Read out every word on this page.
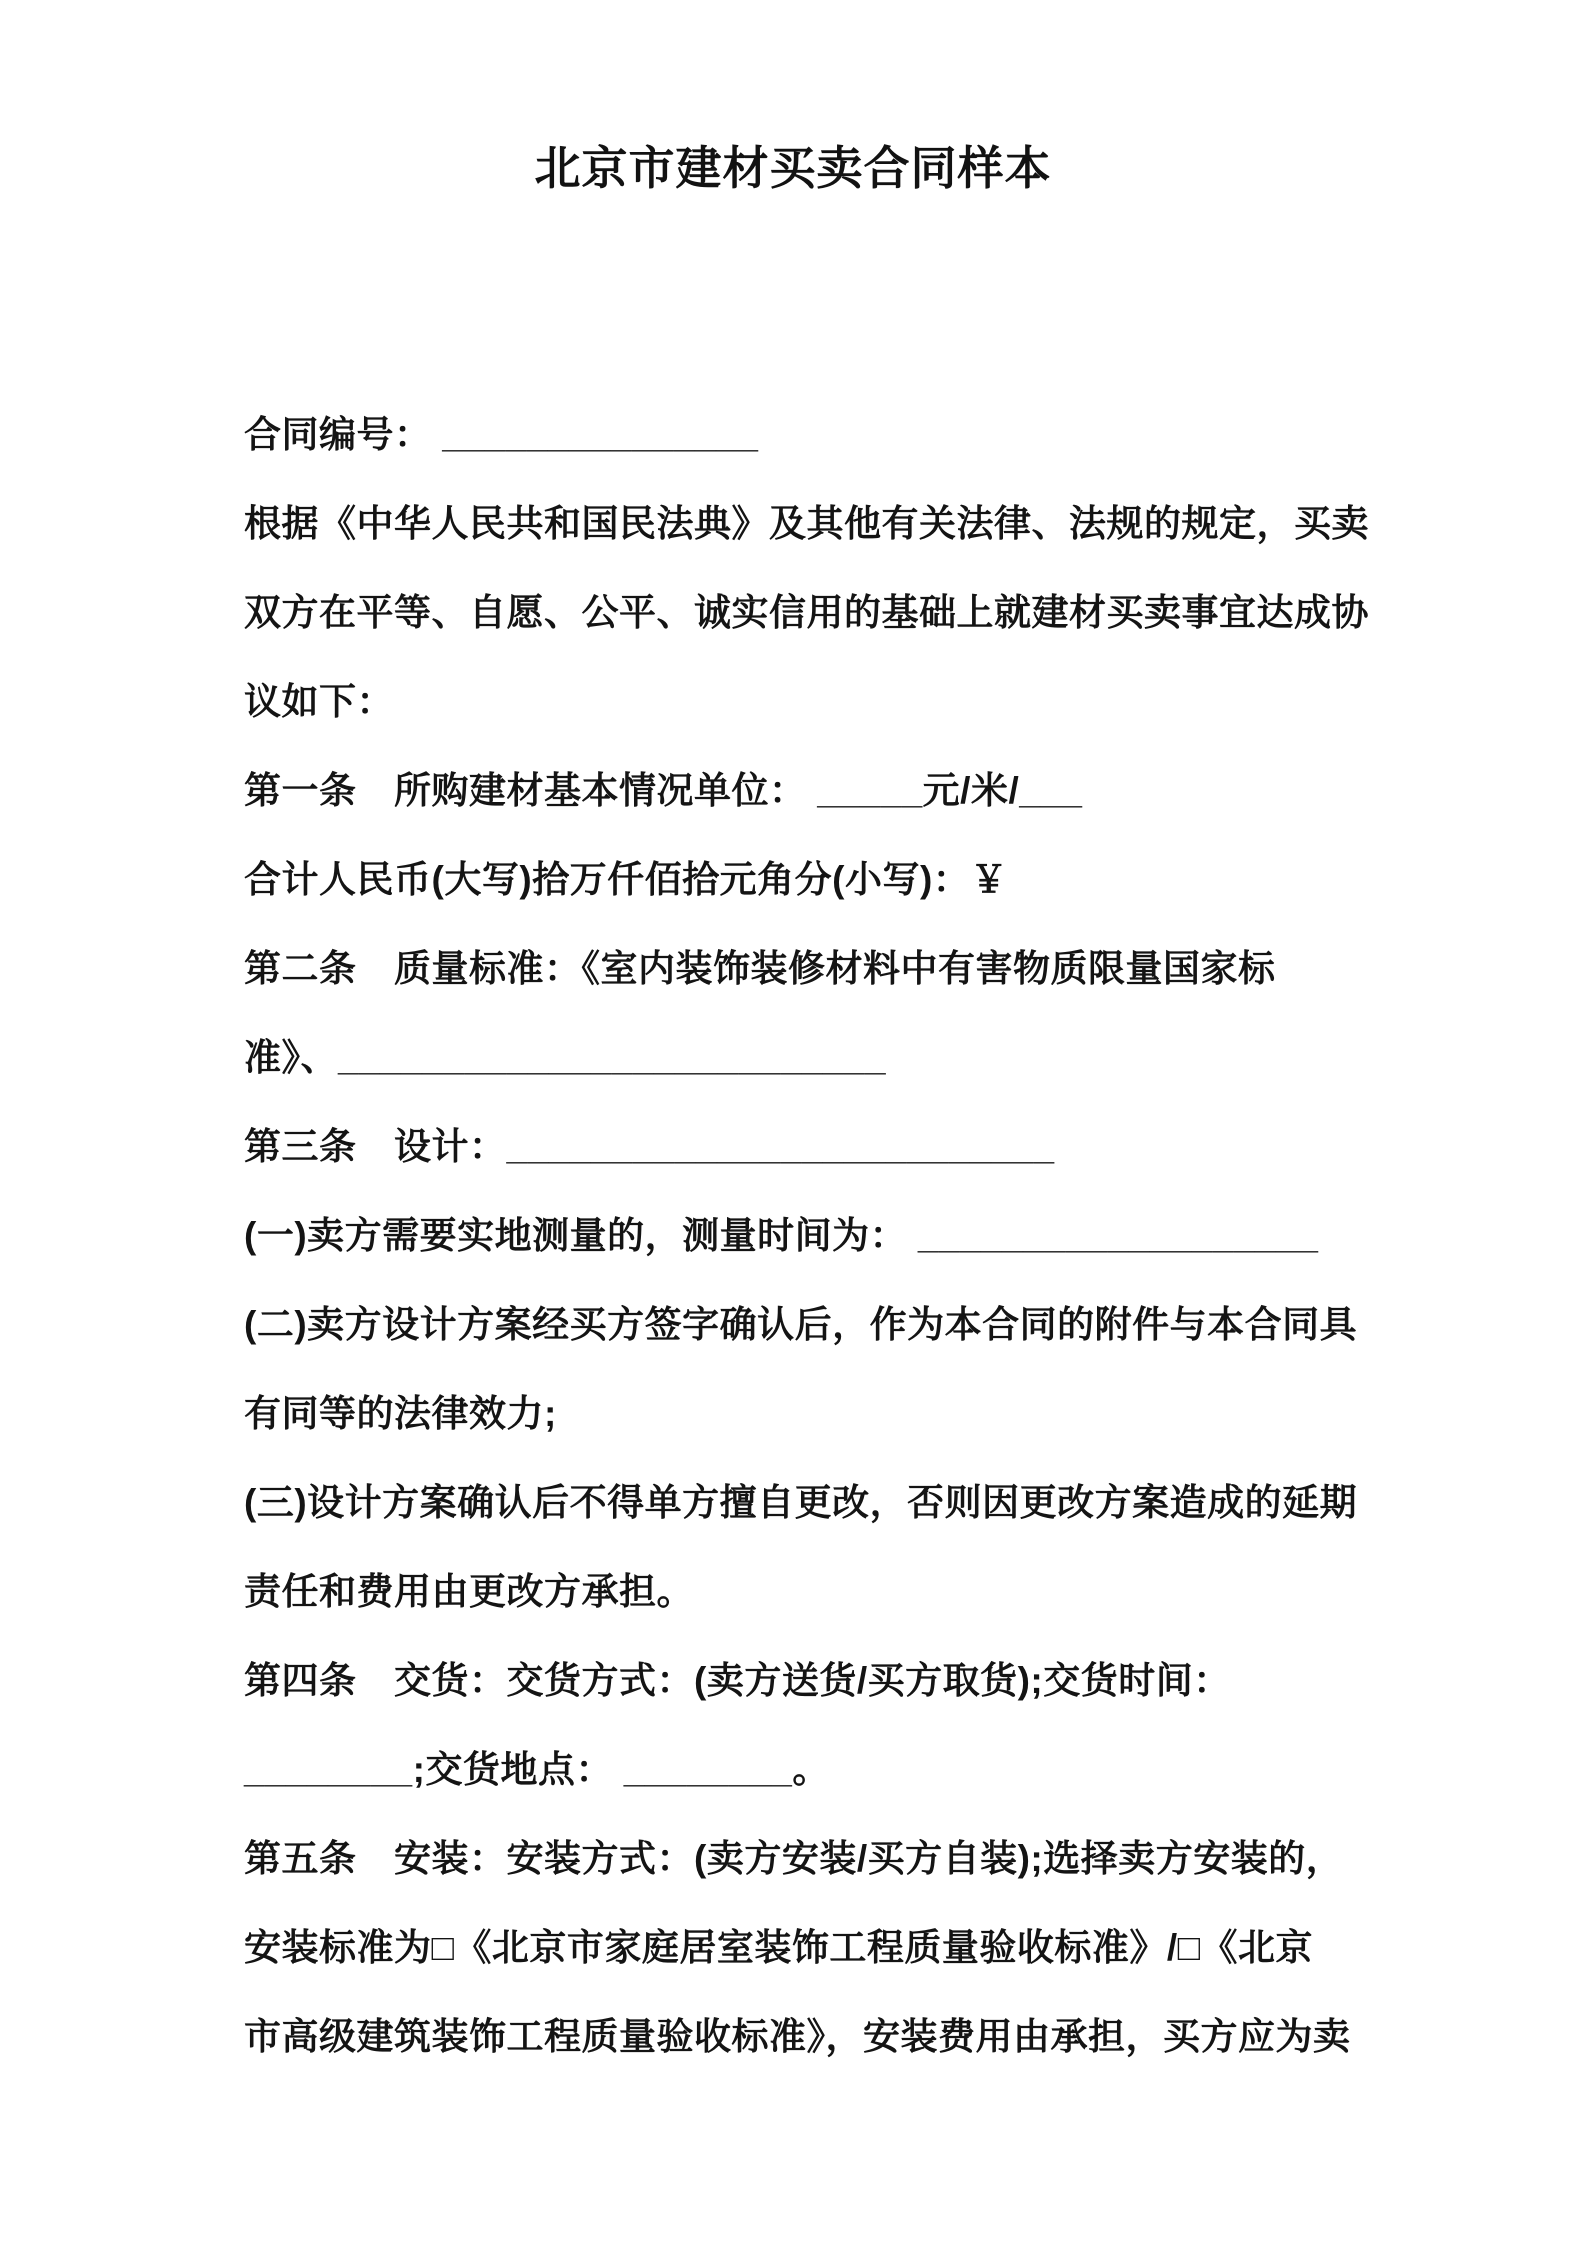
北京市建材买卖合同样本
合同编号： _______________
根据《中华人民共和国民法典》及其他有关法律、法规的规定，买卖
双方在平等、自愿、公平、诚实信用的基础上就建材买卖事宜达成协
议如下：
第一条　所购建材基本情况单位： _____元/米/___
合计人民币(大写)拾万仟佰拾元角分(小写)：￥
第二条　质量标准：《室内装饰装修材料中有害物质限量国家标
准》、__________________________
第三条　设计：__________________________
(一)卖方需要实地测量的，测量时间为： ___________________
(二)卖方设计方案经买方签字确认后，作为本合同的附件与本合同具
有同等的法律效力;
(三)设计方案确认后不得单方擅自更改，否则因更改方案造成的延期
责任和费用由更改方承担。
第四条　交货：交货方式：(卖方送货/买方取货);交货时间：
________;交货地点： ________。
第五条　安装：安装方式：(卖方安装/买方自装);选择卖方安装的，
安装标准为□《北京市家庭居室装饰工程质量验收标准》/□《北京
市高级建筑装饰工程质量验收标准》，安装费用由承担，买方应为卖
